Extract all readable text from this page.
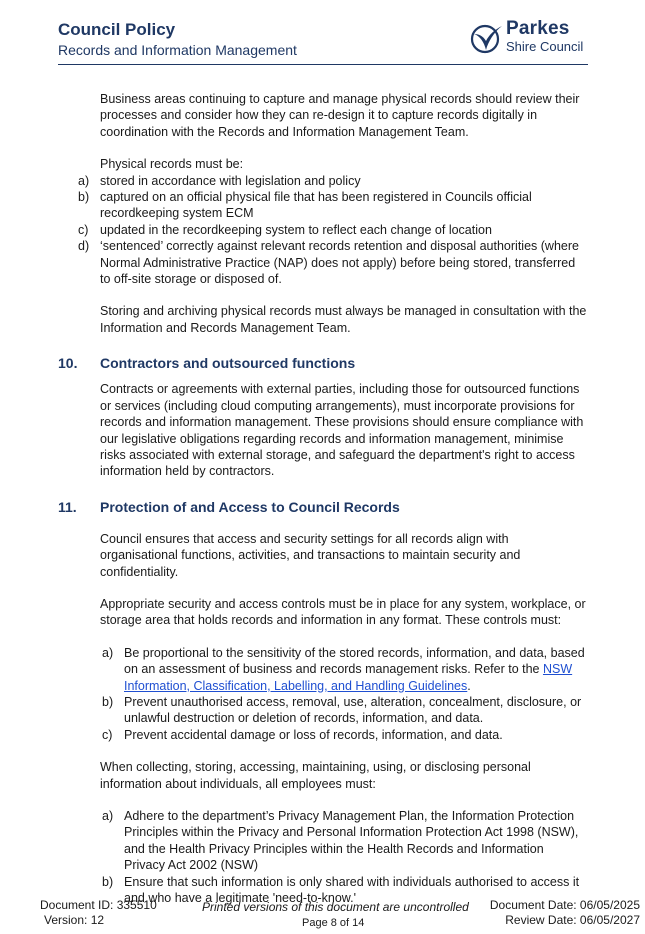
Council Policy
Records and Information Management
Parkes
Shire Council

Business areas continuing to capture and manage physical records should review their processes and consider how they can re-design it to capture records digitally in coordination with the Records and Information Management Team.

Physical records must be:

a) stored in accordance with legislation and policy
b) captured on an official physical file that has been registered in Councils official recordkeeping system ECM
c) updated in the recordkeeping system to reflect each change of location
d) ‘sentenced’ correctly against relevant records retention and disposal authorities (where Normal Administrative Practice (NAP) does not apply) before being stored, transferred to off-site storage or disposed of.

Storing and archiving physical records must always be managed in consultation with the Information and Records Management Team.

10. Contractors and outsourced functions

Contracts or agreements with external parties, including those for outsourced functions or services (including cloud computing arrangements), must incorporate provisions for records and information management. These provisions should ensure compliance with our legislative obligations regarding records and information management, minimise risks associated with external storage, and safeguard the department's right to access information held by contractors.

11. Protection of and Access to Council Records

Council ensures that access and security settings for all records align with organisational functions, activities, and transactions to maintain security and confidentiality.

Appropriate security and access controls must be in place for any system, workplace, or storage area that holds records and information in any format. These controls must:

a) Be proportional to the sensitivity of the stored records, information, and data, based on an assessment of business and records management risks. Refer to the NSW Information, Classification, Labelling, and Handling Guidelines.
b) Prevent unauthorised access, removal, use, alteration, concealment, disclosure, or unlawful destruction or deletion of records, information, and data.
c) Prevent accidental damage or loss of records, information, and data.

When collecting, storing, accessing, maintaining, using, or disclosing personal information about individuals, all employees must:

a) Adhere to the department’s Privacy Management Plan, the Information Protection Principles within the Privacy and Personal Information Protection Act 1998 (NSW), and the Health Privacy Principles within the Health Records and Information Privacy Act 2002 (NSW)
b) Ensure that such information is only shared with individuals authorised to access it and who have a legitimate 'need-to-know.'
Document ID: 335510
Version: 12
Printed versions of this document are uncontrolled
Page 8 of 14
Document Date: 06/05/2025
Review Date: 06/05/2027
